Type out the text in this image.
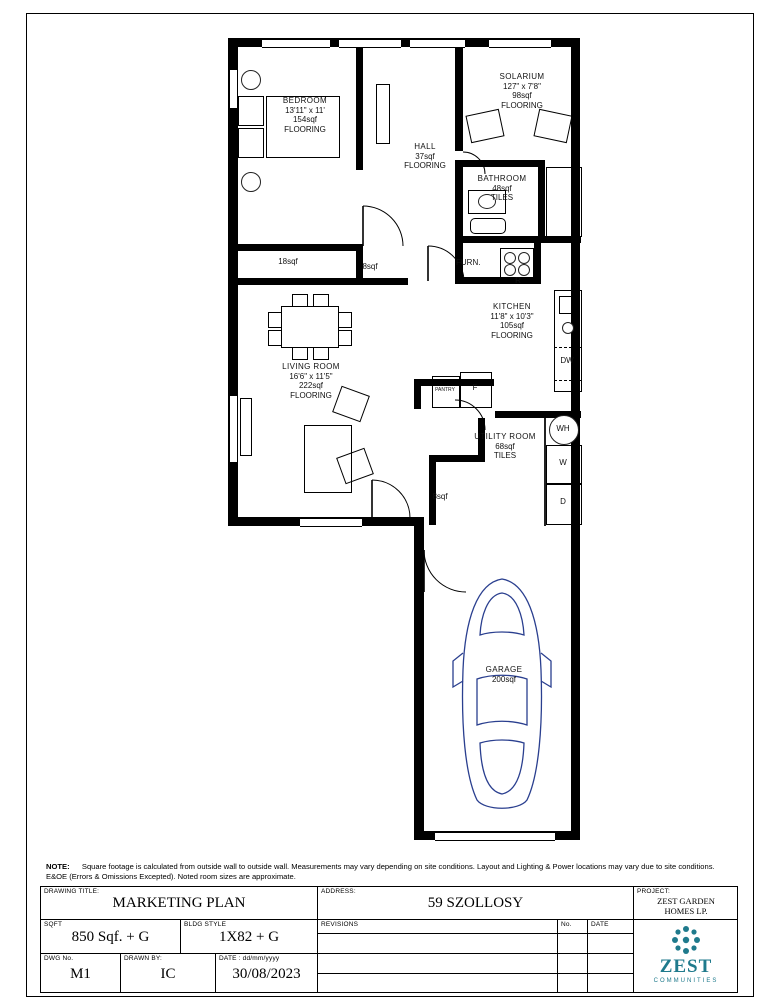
BEDROOM
13'11" x 11'
154sqf
FLOORING
SOLARIUM
127" x 7'8"
98sqf
FLOORING
HALL
37sqf
FLOORING
BATHROOM
48sqf
TILES
KITCHEN
11'8" x 10'3"
105sqf
FLOORING
LIVING ROOM
16'6" x 11'5"
222sqf
FLOORING
UTILITY ROOM
68sqf
TILES
GARAGE
200sqf
18sqf
8sqf
8sqf
FURN.
R
DW
F
PANTRY
WH
W
D
NOTE: Square footage is calculated from outside wall to outside wall. Measurements may vary depending on site conditions. Layout and Lighting & Power locations may vary due to site conditions. E&OE (Errors & Omissions Excepted). Noted room sizes are approximate.
DRAWING TITLE:
MARKETING PLAN
ADDRESS:
59 SZOLLOSY
PROJECT:
ZEST GARDEN
HOMES LP.
SQFT
850 Sqf. + G
BLDG STYLE
1X82 + G
REVISIONS	No.	DATE
DWG No.
M1
DRAWN BY:
IC
DATE : dd/mm/yyyy
30/08/2023	ZEST
COMMUNITIES
